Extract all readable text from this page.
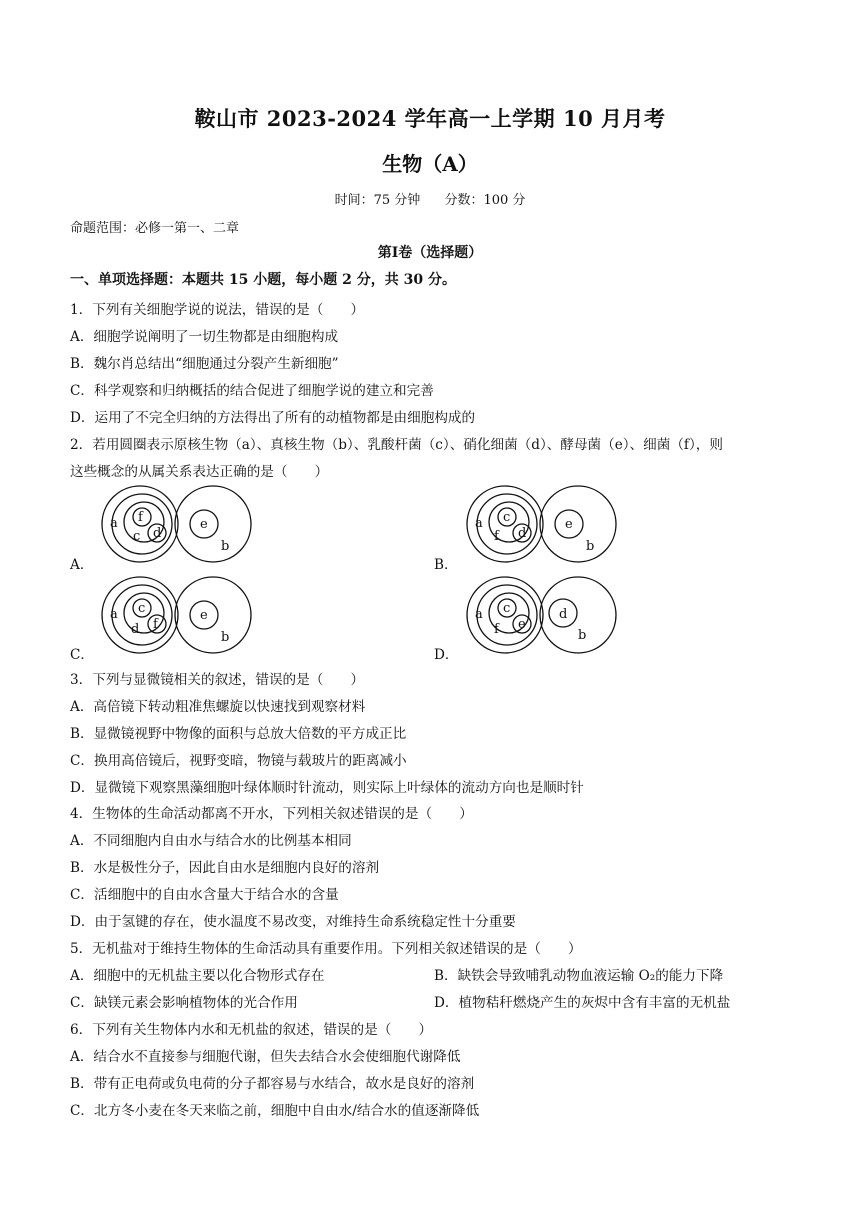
鞍山市 2023-2024 学年高一上学期 10 月月考
生物（A）
时间：75 分钟 分数：100 分
命题范围：必修一第一、二章
第Ⅰ卷（选择题）
一、单项选择题：本题共 15 小题，每小题 2 分，共 30 分。
1．下列有关细胞学说的说法，错误的是（　　）
A．细胞学说阐明了一切生物都是由细胞构成
B．魏尔肖总结出“细胞通过分裂产生新细胞”
C．科学观察和归纳概括的结合促进了细胞学说的建立和完善
D．运用了不完全归纳的方法得出了所有的动植物都是由细胞构成的
2．若用圆圈表示原核生物（a）、真核生物（b）、乳酸杆菌（c）、硝化细菌（d）、酵母菌（e）、细菌（f），则
这些概念的从属关系表达正确的是（　　）
A．
a f
c d
e
b
B．
a c
f d
e
b
C．
a c
d f
e
b
D．
a c
f e
d
b
3．下列与显微镜相关的叙述，错误的是（　　）
A．高倍镜下转动粗准焦螺旋以快速找到观察材料
B．显微镜视野中物像的面积与总放大倍数的平方成正比
C．换用高倍镜后，视野变暗，物镜与载玻片的距离减小
D．显微镜下观察黑藻细胞叶绿体顺时针流动，则实际上叶绿体的流动方向也是顺时针
4．生物体的生命活动都离不开水，下列相关叙述错误的是（　　）
A．不同细胞内自由水与结合水的比例基本相同
B．水是极性分子，因此自由水是细胞内良好的溶剂
C．活细胞中的自由水含量大于结合水的含量
D．由于氢键的存在，使水温度不易改变，对维持生命系统稳定性十分重要
5．无机盐对于维持生物体的生命活动具有重要作用。下列相关叙述错误的是（　　）
A．细胞中的无机盐主要以化合物形式存在	B．缺铁会导致哺乳动物血液运输 O₂的能力下降
C．缺镁元素会影响植物体的光合作用	D．植物秸秆燃烧产生的灰烬中含有丰富的无机盐
6．下列有关生物体内水和无机盐的叙述，错误的是（　　）
A．结合水不直接参与细胞代谢，但失去结合水会使细胞代谢降低
B．带有正电荷或负电荷的分子都容易与水结合，故水是良好的溶剂
C．北方冬小麦在冬天来临之前，细胞中自由水/结合水的值逐渐降低
